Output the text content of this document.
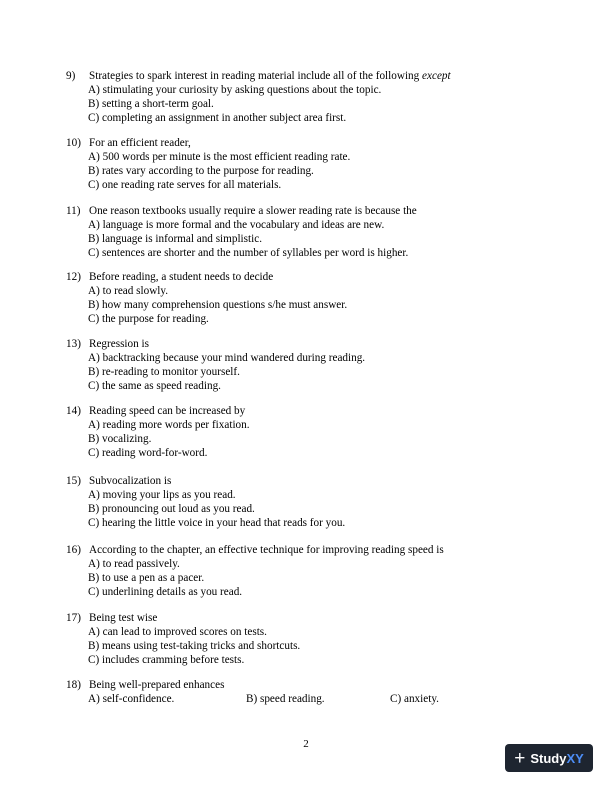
9) Strategies to spark interest in reading material include all of the following except
A) stimulating your curiosity by asking questions about the topic.
B) setting a short-term goal.
C) completing an assignment in another subject area first.
10) For an efficient reader,
A) 500 words per minute is the most efficient reading rate.
B) rates vary according to the purpose for reading.
C) one reading rate serves for all materials.
11) One reason textbooks usually require a slower reading rate is because the
A) language is more formal and the vocabulary and ideas are new.
B) language is informal and simplistic.
C) sentences are shorter and the number of syllables per word is higher.
12) Before reading, a student needs to decide
A) to read slowly.
B) how many comprehension questions s/he must answer.
C) the purpose for reading.
13) Regression is
A) backtracking because your mind wandered during reading.
B) re-reading to monitor yourself.
C) the same as speed reading.
14) Reading speed can be increased by
A) reading more words per fixation.
B) vocalizing.
C) reading word-for-word.
15) Subvocalization is
A) moving your lips as you read.
B) pronouncing out loud as you read.
C) hearing the little voice in your head that reads for you.
16) According to the chapter, an effective technique for improving reading speed is
A) to read passively.
B) to use a pen as a pacer.
C) underlining details as you read.
17) Being test wise
A) can lead to improved scores on tests.
B) means using test-taking tricks and shortcuts.
C) includes cramming before tests.
18) Being well-prepared enhances
A) self-confidence.	B) speed reading.	C) anxiety.
2
+ Study XY
